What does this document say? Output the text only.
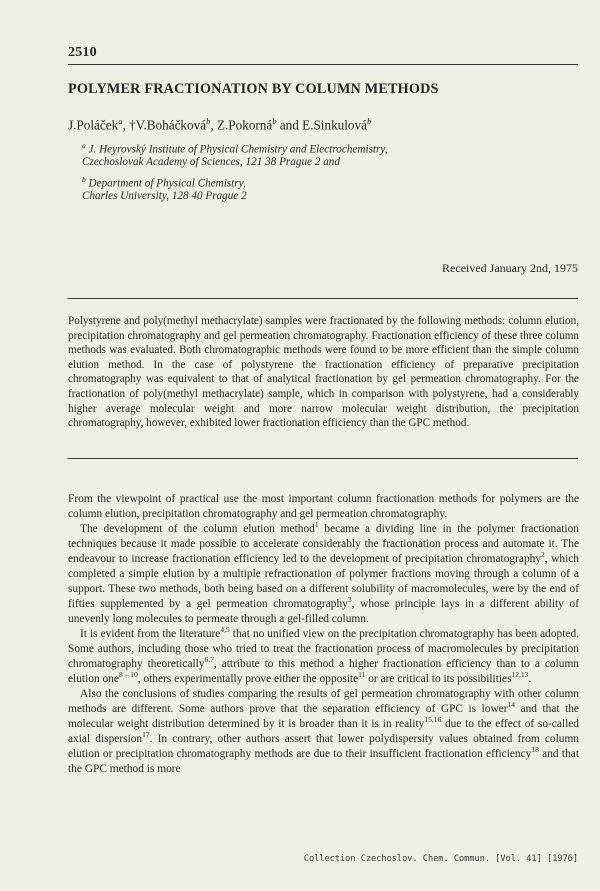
2510
POLYMER FRACTIONATION BY COLUMN METHODS
J.Poláček$^a$, †V.Boháčková$^b$, Z.Pokorná$^b$ and E.Sinkulová$^b$
$^a$ J. Heyrovský Institute of Physical Chemistry and Electrochemistry,
Czechoslovak Academy of Sciences, 121 38 Prague 2 and
$^b$ Department of Physical Chemistry,
Charles University, 128 40 Prague 2
Received January 2nd, 1975
Polystyrene and poly(methyl methacrylate) samples were fractionated by the following methods: column elution, precipitation chromatography and gel permeation chromatography. Fractionation efficiency of these three column methods was evaluated. Both chromatographic methods were found to be more efficient than the simple column elution method. In the case of polystyrene the fractionation efficiency of preparative precipitation chromatography was equivalent to that of analytical fractionation by gel permeation chromatography. For the fractionation of poly(methyl methacrylate) sample, which in comparison with polystyrene, had a considerably higher average molecular weight and more narrow molecular weight distribution, the precipitation chromatography, however, exhibited lower fractionation efficiency than the GPC method.

From the viewpoint of practical use the most important column fractionation methods for polymers are the column elution, precipitation chromatography and gel permeation chromatography.

The development of the column elution method$^1$ became a dividing line in the polymer fractionation techniques because it made possible to accelerate considerably the fractionation process and automate it. The endeavour to increase fractionation efficiency led to the development of precipitation chromatography$^2$, which completed a simple elution by a multiple refractionation of polymer fractions moving through a column of a support. These two methods, both being based on a different solubility of macromolecules, were by the end of fifties supplemented by a gel permeation chromatography$^3$, whose principle lays in a different ability of unevenly long molecules to permeate through a gel-filled column.

It is evident from the literature$^{4,5}$ that no unified view on the precipitation chromatography has been adopted. Some authors, including those who tried to treat the fractionation process of macromolecules by precipitation chromatography theoretically$^{6,7}$, attribute to this method a higher fractionation efficiency than to a column elution one$^{8 - 10}$, others experimentally prove either the opposite$^{11}$ or are critical to its possibilities$^{12,13}$.

Also the conclusions of studies comparing the results of gel permeation chromatography with other column methods are different. Some authors prove that the separation efficiency of GPC is lower$^{14}$ and that the molecular weight distribution determined by it is broader than it is in reality$^{15,16}$ due to the effect of so-called axial dispersion$^{17}$. In contrary, other authors assert that lower polydispersity values obtained from column elution or precipitation chromatography methods are due to their insufficient fractionation efficiency$^{18}$ and that the GPC method is more

Collection Czechoslov. Chem. Commun. [Vol. 41] [1976]
